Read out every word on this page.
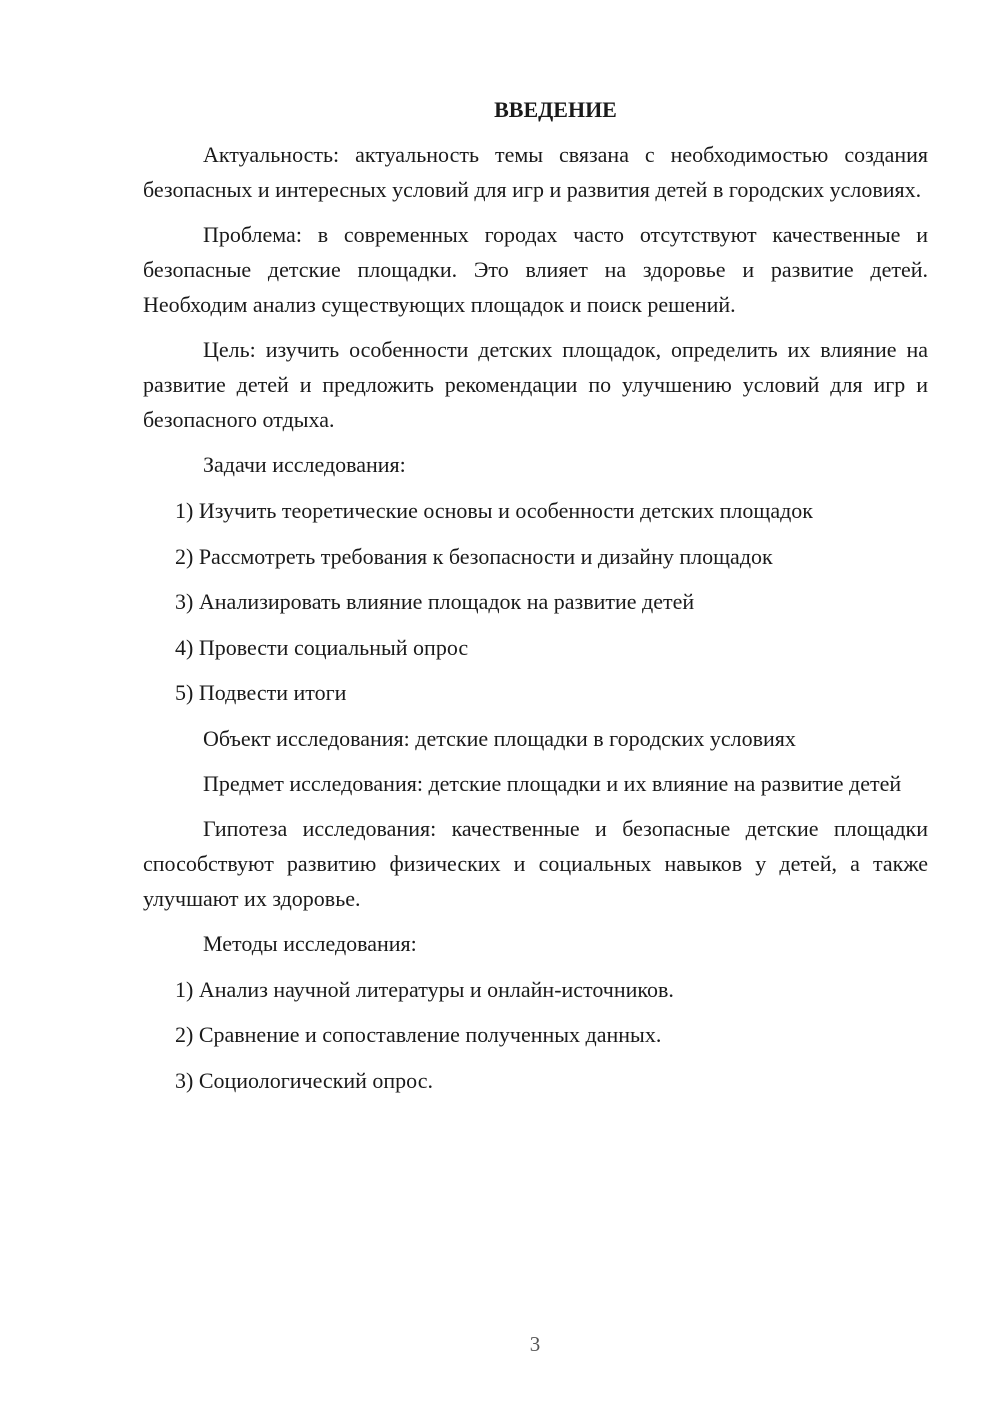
ВВЕДЕНИЕ

Актуальность: актуальность темы связана с необходимостью создания безопасных и интересных условий для игр и развития детей в городских условиях.

Проблема: в современных городах часто отсутствуют качественные и безопасные детские площадки. Это влияет на здоровье и развитие детей. Необходим анализ существующих площадок и поиск решений.

Цель: изучить особенности детских площадок, определить их влияние на развитие детей и предложить рекомендации по улучшению условий для игр и безопасного отдыха.

Задачи исследования:
1) Изучить теоретические основы и особенности детских площадок
2) Рассмотреть требования к безопасности и дизайну площадок
3) Анализировать влияние площадок на развитие детей
4) Провести социальный опрос
5) Подвести итоги

Объект исследования: детские площадки в городских условиях

Предмет исследования: детские площадки и их влияние на развитие детей

Гипотеза исследования: качественные и безопасные детские площадки способствуют развитию физических и социальных навыков у детей, а также улучшают их здоровье.

Методы исследования:
1) Анализ научной литературы и онлайн-источников.
2) Сравнение и сопоставление полученных данных.
3) Социологический опрос.
3
